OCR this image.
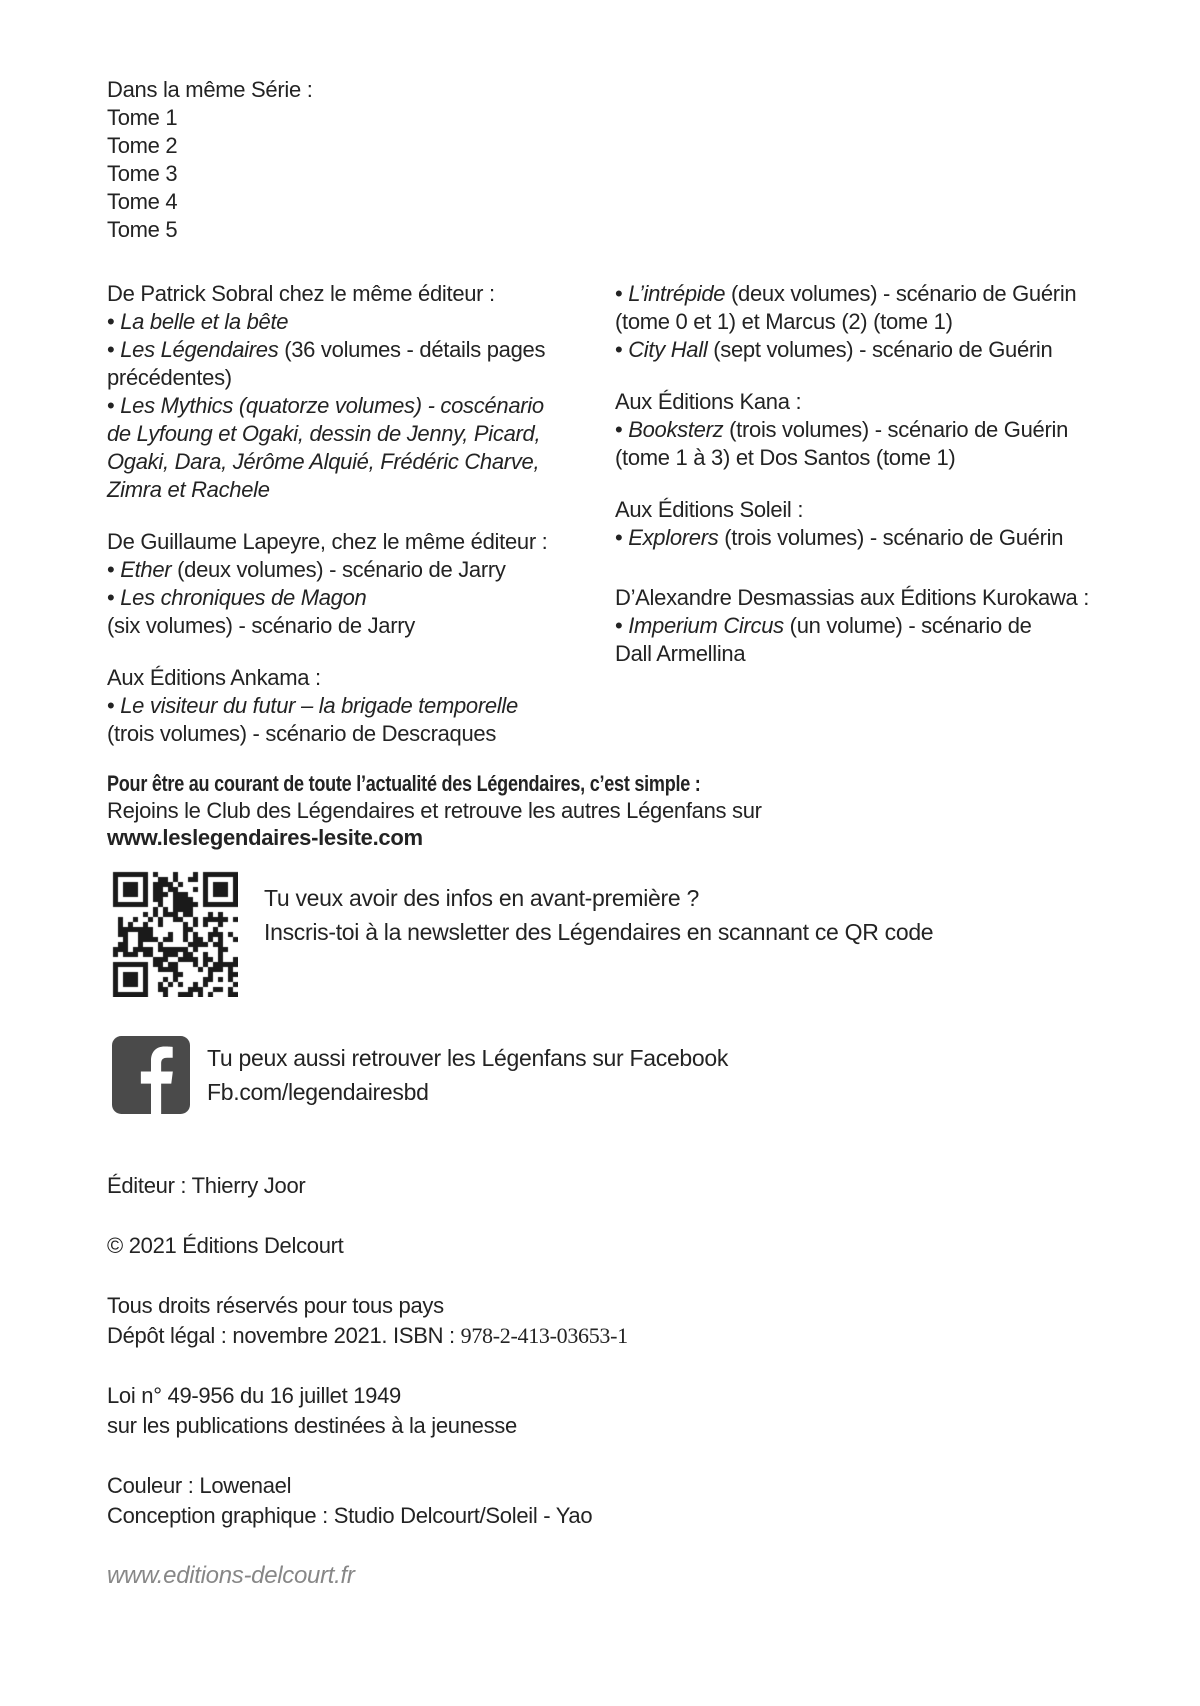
Dans la même Série :

Tome 1

Tome 2

Tome 3

Tome 4

Tome 5

De Patrick Sobral chez le même éditeur :

• La belle et la bête

• Les Légendaires (36 volumes - détails pages

précédentes)

• Les Mythics (quatorze volumes) - coscénario

de Lyfoung et Ogaki, dessin de Jenny, Picard,

Ogaki, Dara, Jérôme Alquié, Frédéric Charve,

Zimra et Rachele

De Guillaume Lapeyre, chez le même éditeur :

• Ether (deux volumes) - scénario de Jarry

• Les chroniques de Magon

(six volumes) - scénario de Jarry

Aux Éditions Ankama :

• Le visiteur du futur – la brigade temporelle

(trois volumes) - scénario de Descraques

• L’intrépide (deux volumes) - scénario de Guérin

(tome 0 et 1) et Marcus (2) (tome 1)

• City Hall (sept volumes) - scénario de Guérin

Aux Éditions Kana :

• Booksterz (trois volumes) - scénario de Guérin

(tome 1 à 3) et Dos Santos (tome 1)

Aux Éditions Soleil :

• Explorers (trois volumes) - scénario de Guérin

D’Alexandre Desmassias aux Éditions Kurokawa :

• Imperium Circus (un volume) - scénario de

Dall Armellina

Pour être au courant de toute l’actualité des Légendaires, c’est simple :

Rejoins le Club des Légendaires et retrouve les autres Légenfans sur

www.leslegendaires-lesite.com

Tu veux avoir des infos en avant-première ?

Inscris-toi à la newsletter des Légendaires en scannant ce QR code

Tu peux aussi retrouver les Légenfans sur Facebook

Fb.com/legendairesbd

Éditeur : Thierry Joor

© 2021 Éditions Delcourt

Tous droits réservés pour tous pays

Dépôt légal : novembre 2021. ISBN : 978-2-413-03653-1

Loi n° 49-956 du 16 juillet 1949

sur les publications destinées à la jeunesse

Couleur : Lowenael

Conception graphique : Studio Delcourt/Soleil - Yao

www.editions-delcourt.fr
